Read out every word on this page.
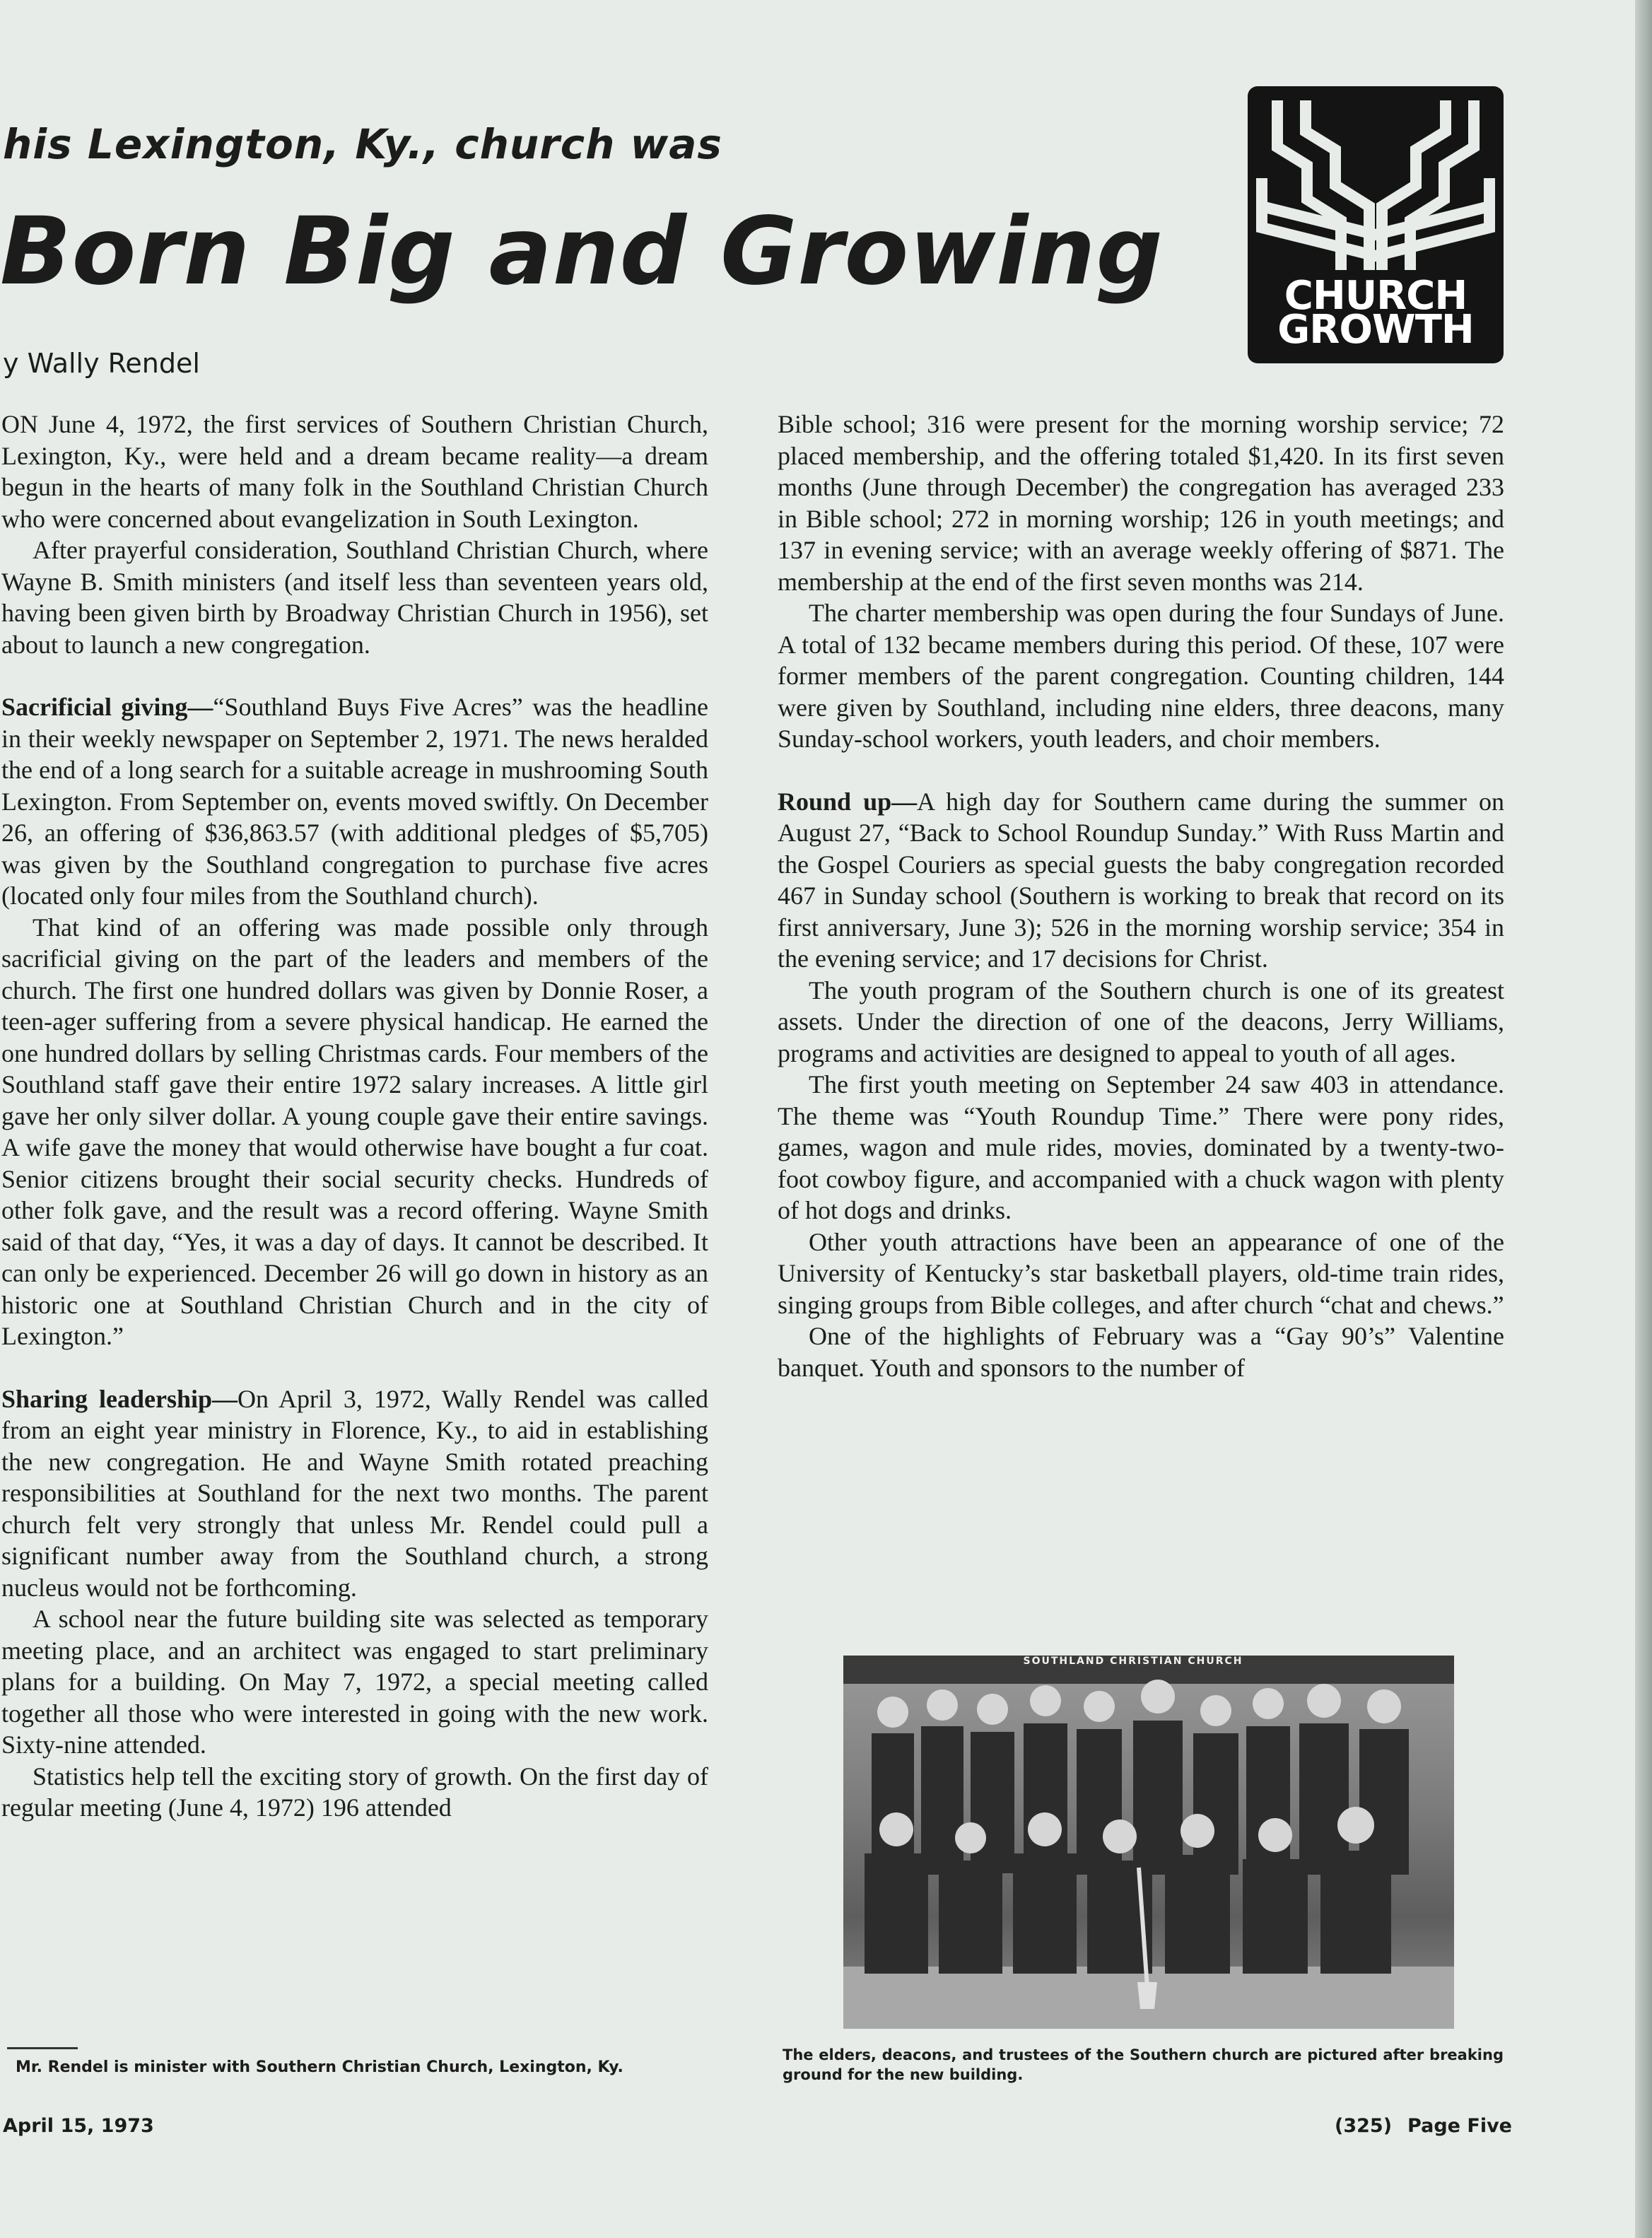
his Lexington, Ky., church was
Born Big and Growing
y Wally Rendel
CHURCH
GROWTH

ON June 4, 1972, the first services of Southern Christian Church, Lexington, Ky., were held and a dream became reality—a dream begun in the hearts of many folk in the Southland Christian Church who were concerned about evangelization in South Lexington.

After prayerful consideration, Southland Christian Church, where Wayne B. Smith ministers (and itself less than seventeen years old, having been given birth by Broadway Christian Church in 1956), set about to launch a new congregation.

Sacrificial giving—“Southland Buys Five Acres” was the headline in their weekly newspaper on September 2, 1971. The news heralded the end of a long search for a suitable acreage in mushrooming South Lexington. From September on, events moved swiftly. On December 26, an offering of $36,863.57 (with additional pledges of $5,705) was given by the Southland congregation to purchase five acres (located only four miles from the Southland church).

That kind of an offering was made possible only through sacrificial giving on the part of the leaders and members of the church. The first one hundred dollars was given by Donnie Roser, a teen-ager suffering from a severe physical handicap. He earned the one hundred dollars by selling Christmas cards. Four members of the Southland staff gave their entire 1972 salary increases. A little girl gave her only silver dollar. A young couple gave their entire savings. A wife gave the money that would otherwise have bought a fur coat. Senior citizens brought their social security checks. Hundreds of other folk gave, and the result was a record offering. Wayne Smith said of that day, “Yes, it was a day of days. It cannot be described. It can only be experienced. December 26 will go down in history as an historic one at Southland Christian Church and in the city of Lexington.”

Sharing leadership—On April 3, 1972, Wally Rendel was called from an eight year ministry in Florence, Ky., to aid in establishing the new congregation. He and Wayne Smith rotated preaching responsibilities at Southland for the next two months. The parent church felt very strongly that unless Mr. Rendel could pull a significant number away from the Southland church, a strong nucleus would not be forthcoming.

A school near the future building site was selected as temporary meeting place, and an architect was engaged to start preliminary plans for a building. On May 7, 1972, a special meeting called together all those who were interested in going with the new work. Sixty-nine attended.

Statistics help tell the exciting story of growth. On the first day of regular meeting (June 4, 1972) 196 attended

Mr. Rendel is minister with Southern Christian Church, Lexington, Ky.

Bible school; 316 were present for the morning worship service; 72 placed membership, and the offering totaled $1,420. In its first seven months (June through December) the congregation has averaged 233 in Bible school; 272 in morning worship; 126 in youth meetings; and 137 in evening service; with an average weekly offering of $871. The membership at the end of the first seven months was 214.

The charter membership was open during the four Sundays of June. A total of 132 became members during this period. Of these, 107 were former members of the parent congregation. Counting children, 144 were given by Southland, including nine elders, three deacons, many Sunday-school workers, youth leaders, and choir members.

Round up—A high day for Southern came during the summer on August 27, “Back to School Roundup Sunday.” With Russ Martin and the Gospel Couriers as special guests the baby congregation recorded 467 in Sunday school (Southern is working to break that record on its first anniversary, June 3); 526 in the morning worship service; 354 in the evening service; and 17 decisions for Christ.

The youth program of the Southern church is one of its greatest assets. Under the direction of one of the deacons, Jerry Williams, programs and activities are designed to appeal to youth of all ages.

The first youth meeting on September 24 saw 403 in attendance. The theme was “Youth Roundup Time.” There were pony rides, games, wagon and mule rides, movies, dominated by a twenty-two-foot cowboy figure, and accompanied with a chuck wagon with plenty of hot dogs and drinks.

Other youth attractions have been an appearance of one of the University of Kentucky’s star basketball players, old-time train rides, singing groups from Bible colleges, and after church “chat and chews.”

One of the highlights of February was a “Gay 90’s” Valentine banquet. Youth and sponsors to the number of

SOUTHLAND CHRISTIAN CHURCH
The elders, deacons, and trustees of the Southern church are pictured after breaking ground for the new building.
April 15, 1973	(325) Page Five
